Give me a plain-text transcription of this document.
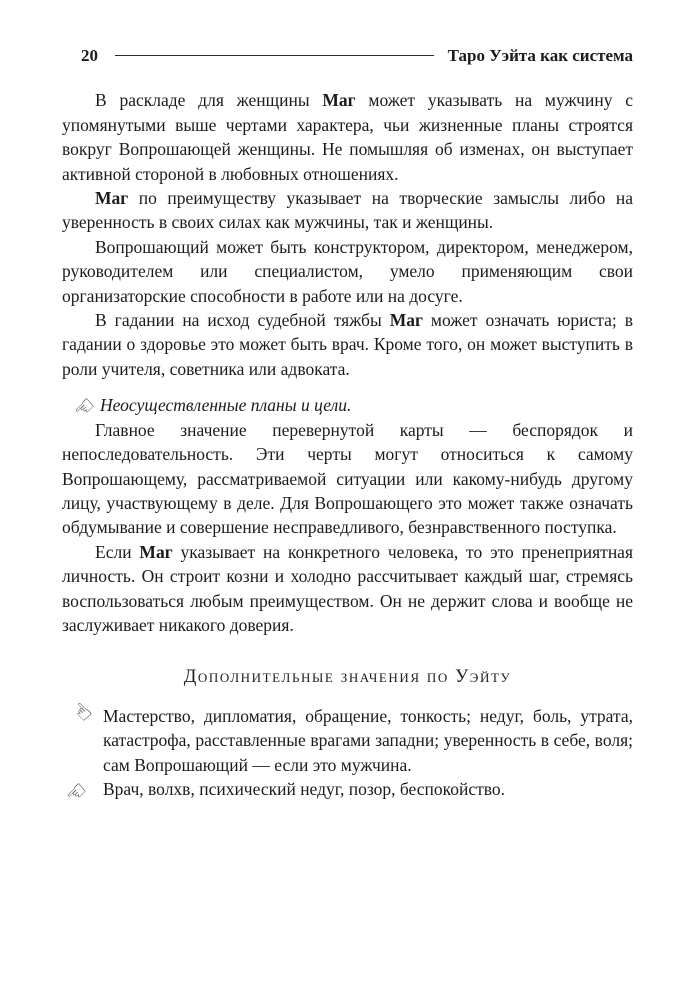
20	Таро Уэйта как система

В раскладе для женщины Маг может указывать на мужчину с упомянутыми выше чертами характера, чьи жизненные планы строятся вокруг Вопрошающей женщины. Не помышляя об изменах, он выступает активной стороной в любовных отношениях.

Маг по преимуществу указывает на творческие замыслы либо на уверенность в своих силах как мужчины, так и женщины.

Вопрошающий может быть конструктором, директором, менеджером, руководителем или специалистом, умело применяющим свои организаторские способности в работе или на досуге.

В гадании на исход судебной тяжбы Маг может означать юриста; в гадании о здоровье это может быть врач. Кроме того, он может выступить в роли учителя, советника или адвоката.

☜
Неосуществленные планы и цели.

Главное значение перевернутой карты — беспорядок и непоследовательность. Эти черты могут относиться к самому Вопрошающему, рассматриваемой ситуации или какому-нибудь другому лицу, участвующему в деле. Для Вопрошающего это может также означать обдумывание и совершение несправедливого, безнравственного поступка.

Если Маг указывает на конкретного человека, то это пренеприятная личность. Он строит козни и холодно рассчитывает каждый шаг, стремясь воспользоваться любым преимуществом. Он не держит слова и вообще не заслуживает никакого доверия.

Дополнительные значения по Уэйту
☜ Мастерство, дипломатия, обращение, тонкость; недуг, боль, утрата, катастрофа, расставленные врагами западни; уверенность в себе, воля; сам Вопрошающий — если это мужчина.
☜ Врач, волхв, психический недуг, позор, беспокойство.
